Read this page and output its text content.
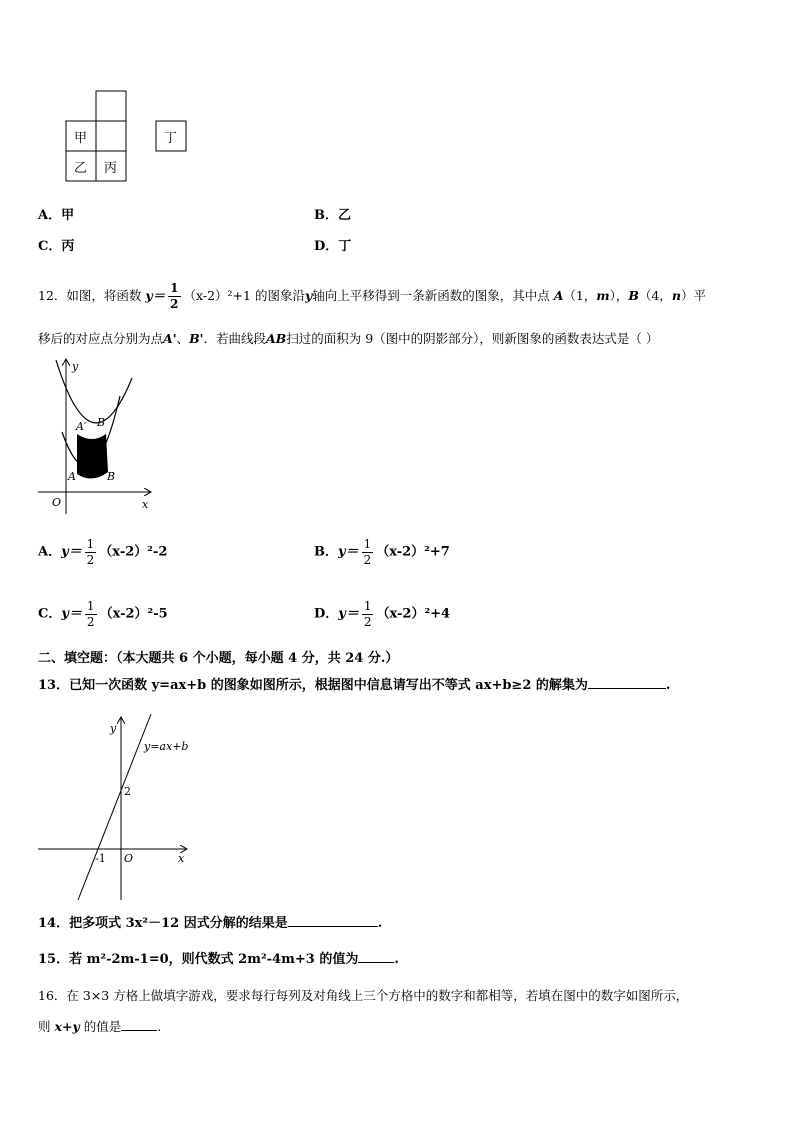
甲	丁
乙 丙
A．甲	B．乙
C．丙	D．丁
12．如图，将函数 $y= \frac{1}{2} (x-2)^2+1$ 的图象沿y轴向上平移得到一条新函数的图象，其中点 A（1，m），B（4，n）平
移后的对应点分别为点A'、B'．若曲线段AB扫过的面积为 9（图中的阴影部分），则新图象的函数表达式是（ ）
y
x
O
A	B
A′ B′
A．$y= \frac{1}{2} (x-2)^2-2$	B．$y= \frac{1}{2} (x-2)^2+7$
C．$y= \frac{1}{2} (x-2)^2-5$	D．$y= \frac{1}{2} (x-2)^2+4$
二、填空题：（本大题共 6 个小题，每小题 4 分，共 24 分.）
13．已知一次函数 y=ax+b 的图象如图所示，根据图中信息请写出不等式 ax+b≥2 的解集为	.
y
x
O
y=ax+b
2
-1
14．把多项式 3x²－12 因式分解的结果是	.
15．若 m²-2m-1=0，则代数式 2m²-4m+3 的值为	.
16．在 3×3 方格上做填字游戏，要求每行每列及对角线上三个方格中的数字和都相等，若填在图中的数字如图所示，
则 x+y 的值是	.
